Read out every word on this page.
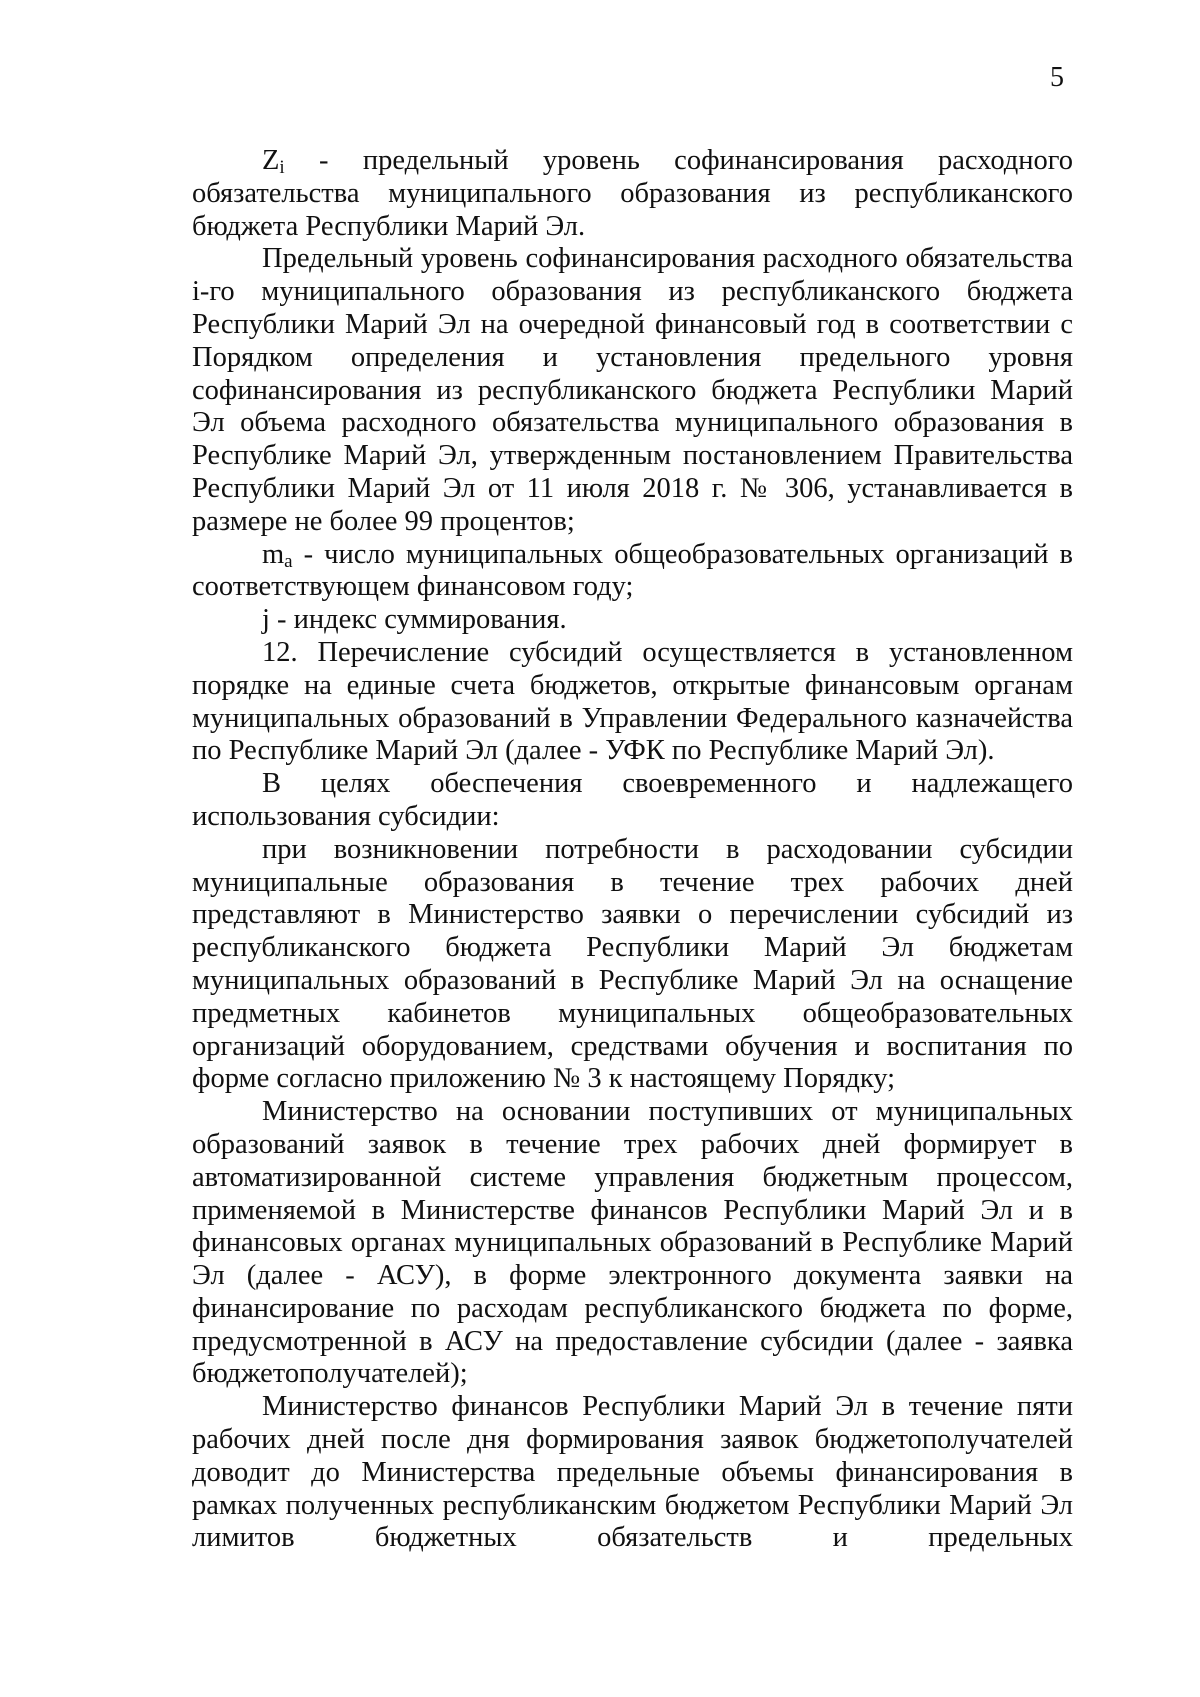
5

$Z_i$ - предельный уровень софинансирования расходного обязательства муниципального образования из республиканского бюджета Республики Марий Эл.

Предельный уровень софинансирования расходного обязательства i-го муниципального образования из республиканского бюджета Республики Марий Эл на очередной финансовый год в соответствии с Порядком определения и установления предельного уровня софинансирования из республиканского бюджета Республики Марий Эл объема расходного обязательства муниципального образования в Республике Марий Эл, утвержденным постановлением Правительства Республики Марий Эл от 11 июля 2018 г. № 306, устанавливается в размере не более 99 процентов;

$m_a$ - число муниципальных общеобразовательных организаций в соответствующем финансовом году;

j - индекс суммирования.

12. Перечисление субсидий осуществляется в установленном порядке на единые счета бюджетов, открытые финансовым органам муниципальных образований в Управлении Федерального казначейства по Республике Марий Эл (далее - УФК по Республике Марий Эл).

В целях обеспечения своевременного и надлежащего использования субсидии:

при возникновении потребности в расходовании субсидии муниципальные образования в течение трех рабочих дней представляют в Министерство заявки о перечислении субсидий из республиканского бюджета Республики Марий Эл бюджетам муниципальных образований в Республике Марий Эл на оснащение предметных кабинетов муниципальных общеобразовательных организаций оборудованием, средствами обучения и воспитания по форме согласно приложению № 3 к настоящему Порядку;

Министерство на основании поступивших от муниципальных образований заявок в течение трех рабочих дней формирует в автоматизированной системе управления бюджетным процессом, применяемой в Министерстве финансов Республики Марий Эл и в финансовых органах муниципальных образований в Республике Марий Эл (далее - АСУ), в форме электронного документа заявки на финансирование по расходам республиканского бюджета по форме, предусмотренной в АСУ на предоставление субсидии (далее - заявка бюджетополучателей);

Министерство финансов Республики Марий Эл в течение пяти рабочих дней после дня формирования заявок бюджетополучателей доводит до Министерства предельные объемы финансирования в рамках полученных республиканским бюджетом Республики Марий Эл лимитов бюджетных обязательств и предельных
